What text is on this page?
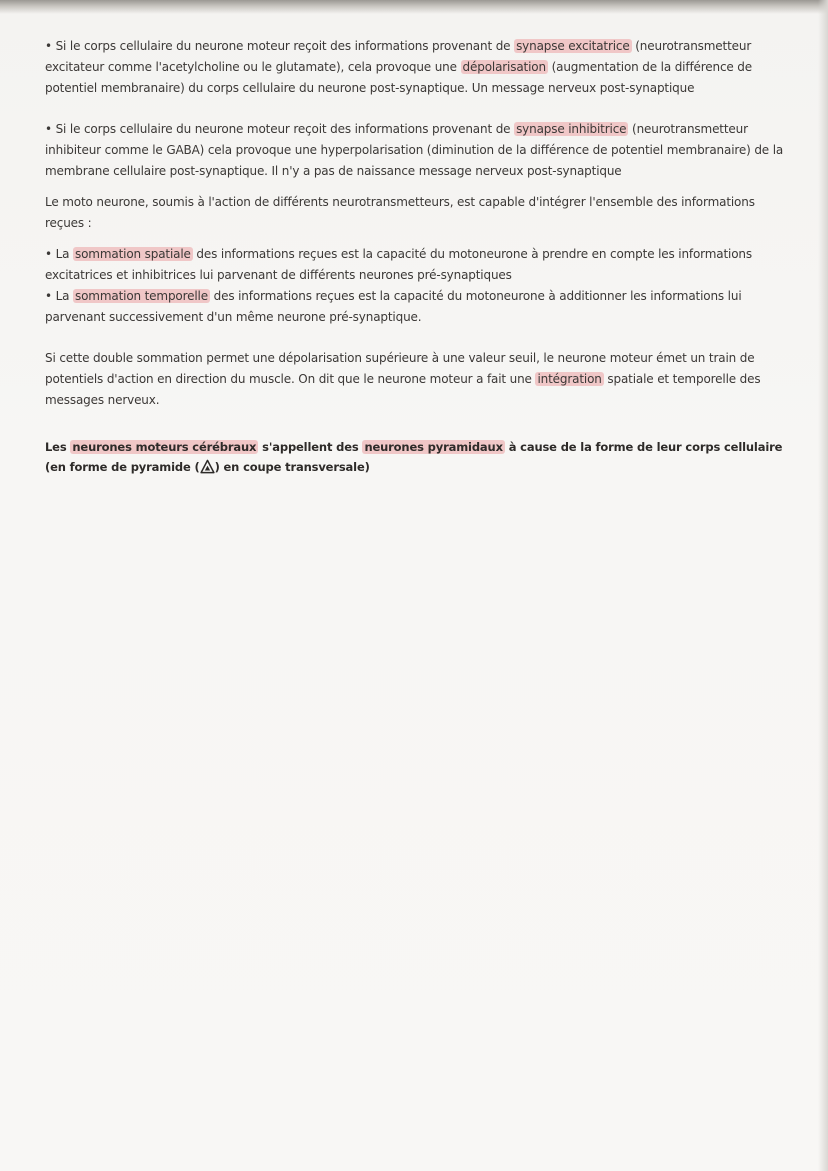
• Si le corps cellulaire du neurone moteur reçoit des informations provenant de synapse excitatrice (neurotransmetteur excitateur comme l'acetylcholine ou le glutamate), cela provoque une dépolarisation (augmentation de la différence de potentiel membranaire) du corps cellulaire du neurone post-synaptique. Un message nerveux post-synaptique

• Si le corps cellulaire du neurone moteur reçoit des informations provenant de synapse inhibitrice (neurotransmetteur inhibiteur comme le GABA) cela provoque une hyperpolarisation (diminution de la différence de potentiel membranaire) de la membrane cellulaire post-synaptique. Il n'y a pas de naissance message nerveux post-synaptique

Le moto neurone, soumis à l'action de différents neurotransmetteurs, est capable d'intégrer l'ensemble des informations reçues :

• La sommation spatiale des informations reçues est la capacité du motoneurone à prendre en compte les informations excitatrices et inhibitrices lui parvenant de différents neurones pré-synaptiques

• La sommation temporelle des informations reçues est la capacité du motoneurone à additionner les informations lui parvenant successivement d'un même neurone pré-synaptique.

Si cette double sommation permet une dépolarisation supérieure à une valeur seuil, le neurone moteur émet un train de potentiels d'action en direction du muscle. On dit que le neurone moteur a fait une intégration spatiale et temporelle des messages nerveux.

Les neurones moteurs cérébraux s'appellent des neurones pyramidaux à cause de la forme de leur corps cellulaire (en forme de pyramide ( ) en coupe transversale)
